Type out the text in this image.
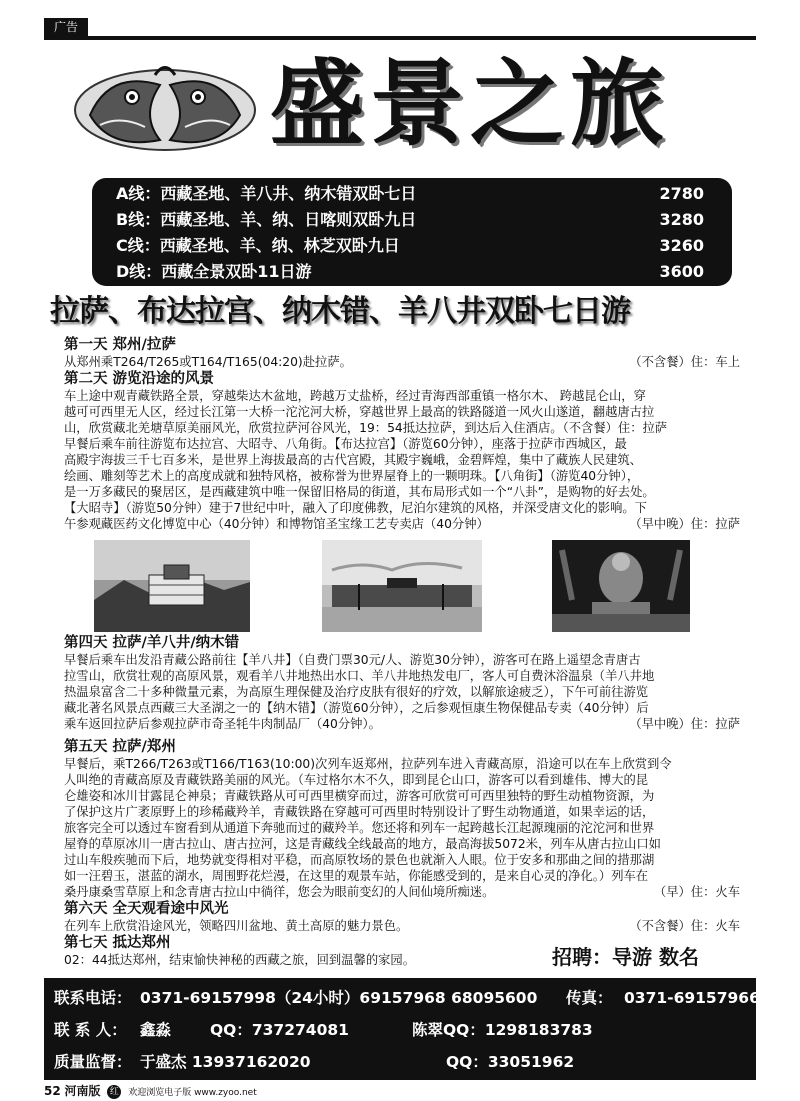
广告
盛景之旅
A线：西藏圣地、羊八井、纳木错双卧七日	2780
B线：西藏圣地、羊、纳、日喀则双卧九日	3280
C线：西藏圣地、羊、纳、林芝双卧九日	3260
D线：西藏全景双卧11日游	3600
拉萨、布达拉宫、纳木错、羊八井双卧七日游
第一天 郑州/拉萨
从郑州乘T264/T265或T164/T165(04:20)赴拉萨。	（不含餐）住：车上
第二天 游览沿途的风景
车上途中观青藏铁路全景，穿越柴达木盆地，跨越万丈盐桥，经过青海西部重镇一格尔木、 跨越昆仑山，穿
越可可西里无人区，经过长江第一大桥一沱沱河大桥，穿越世界上最高的铁路隧道一风火山遂道，翻越唐古拉
山，欣赏藏北羌塘草原美丽风光，欣赏拉萨河谷风光，19：54抵达拉萨，到达后入住酒店。（不含餐）住：拉萨
早餐后乘车前往游览布达拉宫、大昭寺、八角街。【布达拉宫】（游览60分钟），座落于拉萨市西城区，最
高殿宇海拔三千七百多米，是世界上海拔最高的古代宫殿，其殿宇巍峨，金碧辉煌，集中了藏族人民建筑、
绘画、雕刻等艺术上的高度成就和独特风格，被称誉为世界屋脊上的一颗明珠。【八角街】（游览40分钟），
是一万多藏民的聚居区，是西藏建筑中唯一保留旧格局的街道，其布局形式如一个“八卦”，是购物的好去处。
【大昭寺】（游览50分钟）建于7世纪中叶，融入了印度佛教，尼泊尔建筑的风格，并深受唐文化的影响。下
午参观藏医药文化博览中心（40分钟）和博物馆圣宝缘工艺专卖店（40分钟）	（早中晚）住：拉萨
第四天 拉萨/羊八井/纳木错
早餐后乘车出发沿青藏公路前往【羊八井】（自费门票30元/人、游览30分钟），游客可在路上遥望念青唐古
拉雪山，欣赏壮观的高原风景，观看羊八井地热出水口、羊八井地热发电厂，客人可自费沐浴温泉（羊八井地
热温泉富含二十多种微量元素，为高原生理保健及治疗皮肤有很好的疗效，以解旅途疲乏），下午可前往游览
藏北著名风景点西藏三大圣湖之一的【纳木错】（游览60分钟），之后参观恒康生物保健品专卖（40分钟）后
乘车返回拉萨后参观拉萨市奇圣牦牛肉制品厂（40分钟）。	（早中晚）住：拉萨
第五天 拉萨/郑州
早餐后，乘T266/T263或T166/T163(10:00)次列车返郑州，拉萨列车进入青藏高原，沿途可以在车上欣赏到令
人叫绝的青藏高原及青藏铁路美丽的风光。（车过格尔木不久，即到昆仑山口，游客可以看到雄伟、博大的昆
仑雄姿和冰川甘露昆仑神泉；青藏铁路从可可西里横穿而过，游客可欣赏可可西里独特的野生动植物资源，为
了保护这片广袤原野上的珍稀藏羚羊，青藏铁路在穿越可可西里时特别设计了野生动物通道，如果幸运的话，
旅客完全可以透过车窗看到从通道下奔驰而过的藏羚羊。您还将和列车一起跨越长江起源瑰丽的沱沱河和世界
屋脊的草原冰川一唐古拉山、唐古拉河，这是青藏线全线最高的地方，最高海拔5072米，列车从唐古拉山口如
过山车般疾驰而下后，地势就变得相对平稳，而高原牧场的景色也就渐入人眼。位于安多和那曲之间的措那湖
如一汪碧玉，湛蓝的湖水，周围野花烂漫，在这里的观景车站，你能感受到的，是来自心灵的净化。）列车在
桑丹康桑雪草原上和念青唐古拉山中徜徉，您会为眼前变幻的人间仙境所痴迷。	（早）住：火车
第六天 全天观看途中风光
在列车上欣赏沿途风光，领略四川盆地、黄土高原的魅力景色。	（不含餐）住：火车
第七天 抵达郑州
02：44抵达郑州，结束愉快神秘的西藏之旅，回到温馨的家园。	招聘：导游 数名
联系电话： 0371-69157998（24小时）69157968 68095600 传真： 0371-69157966
联 系 人： 鑫淼	QQ：737274081	陈翠QQ：1298183783
质量监督： 于盛杰 13937162020	QQ：33051962
52 河南版 红 欢迎浏览电子版 www.zyoo.net
